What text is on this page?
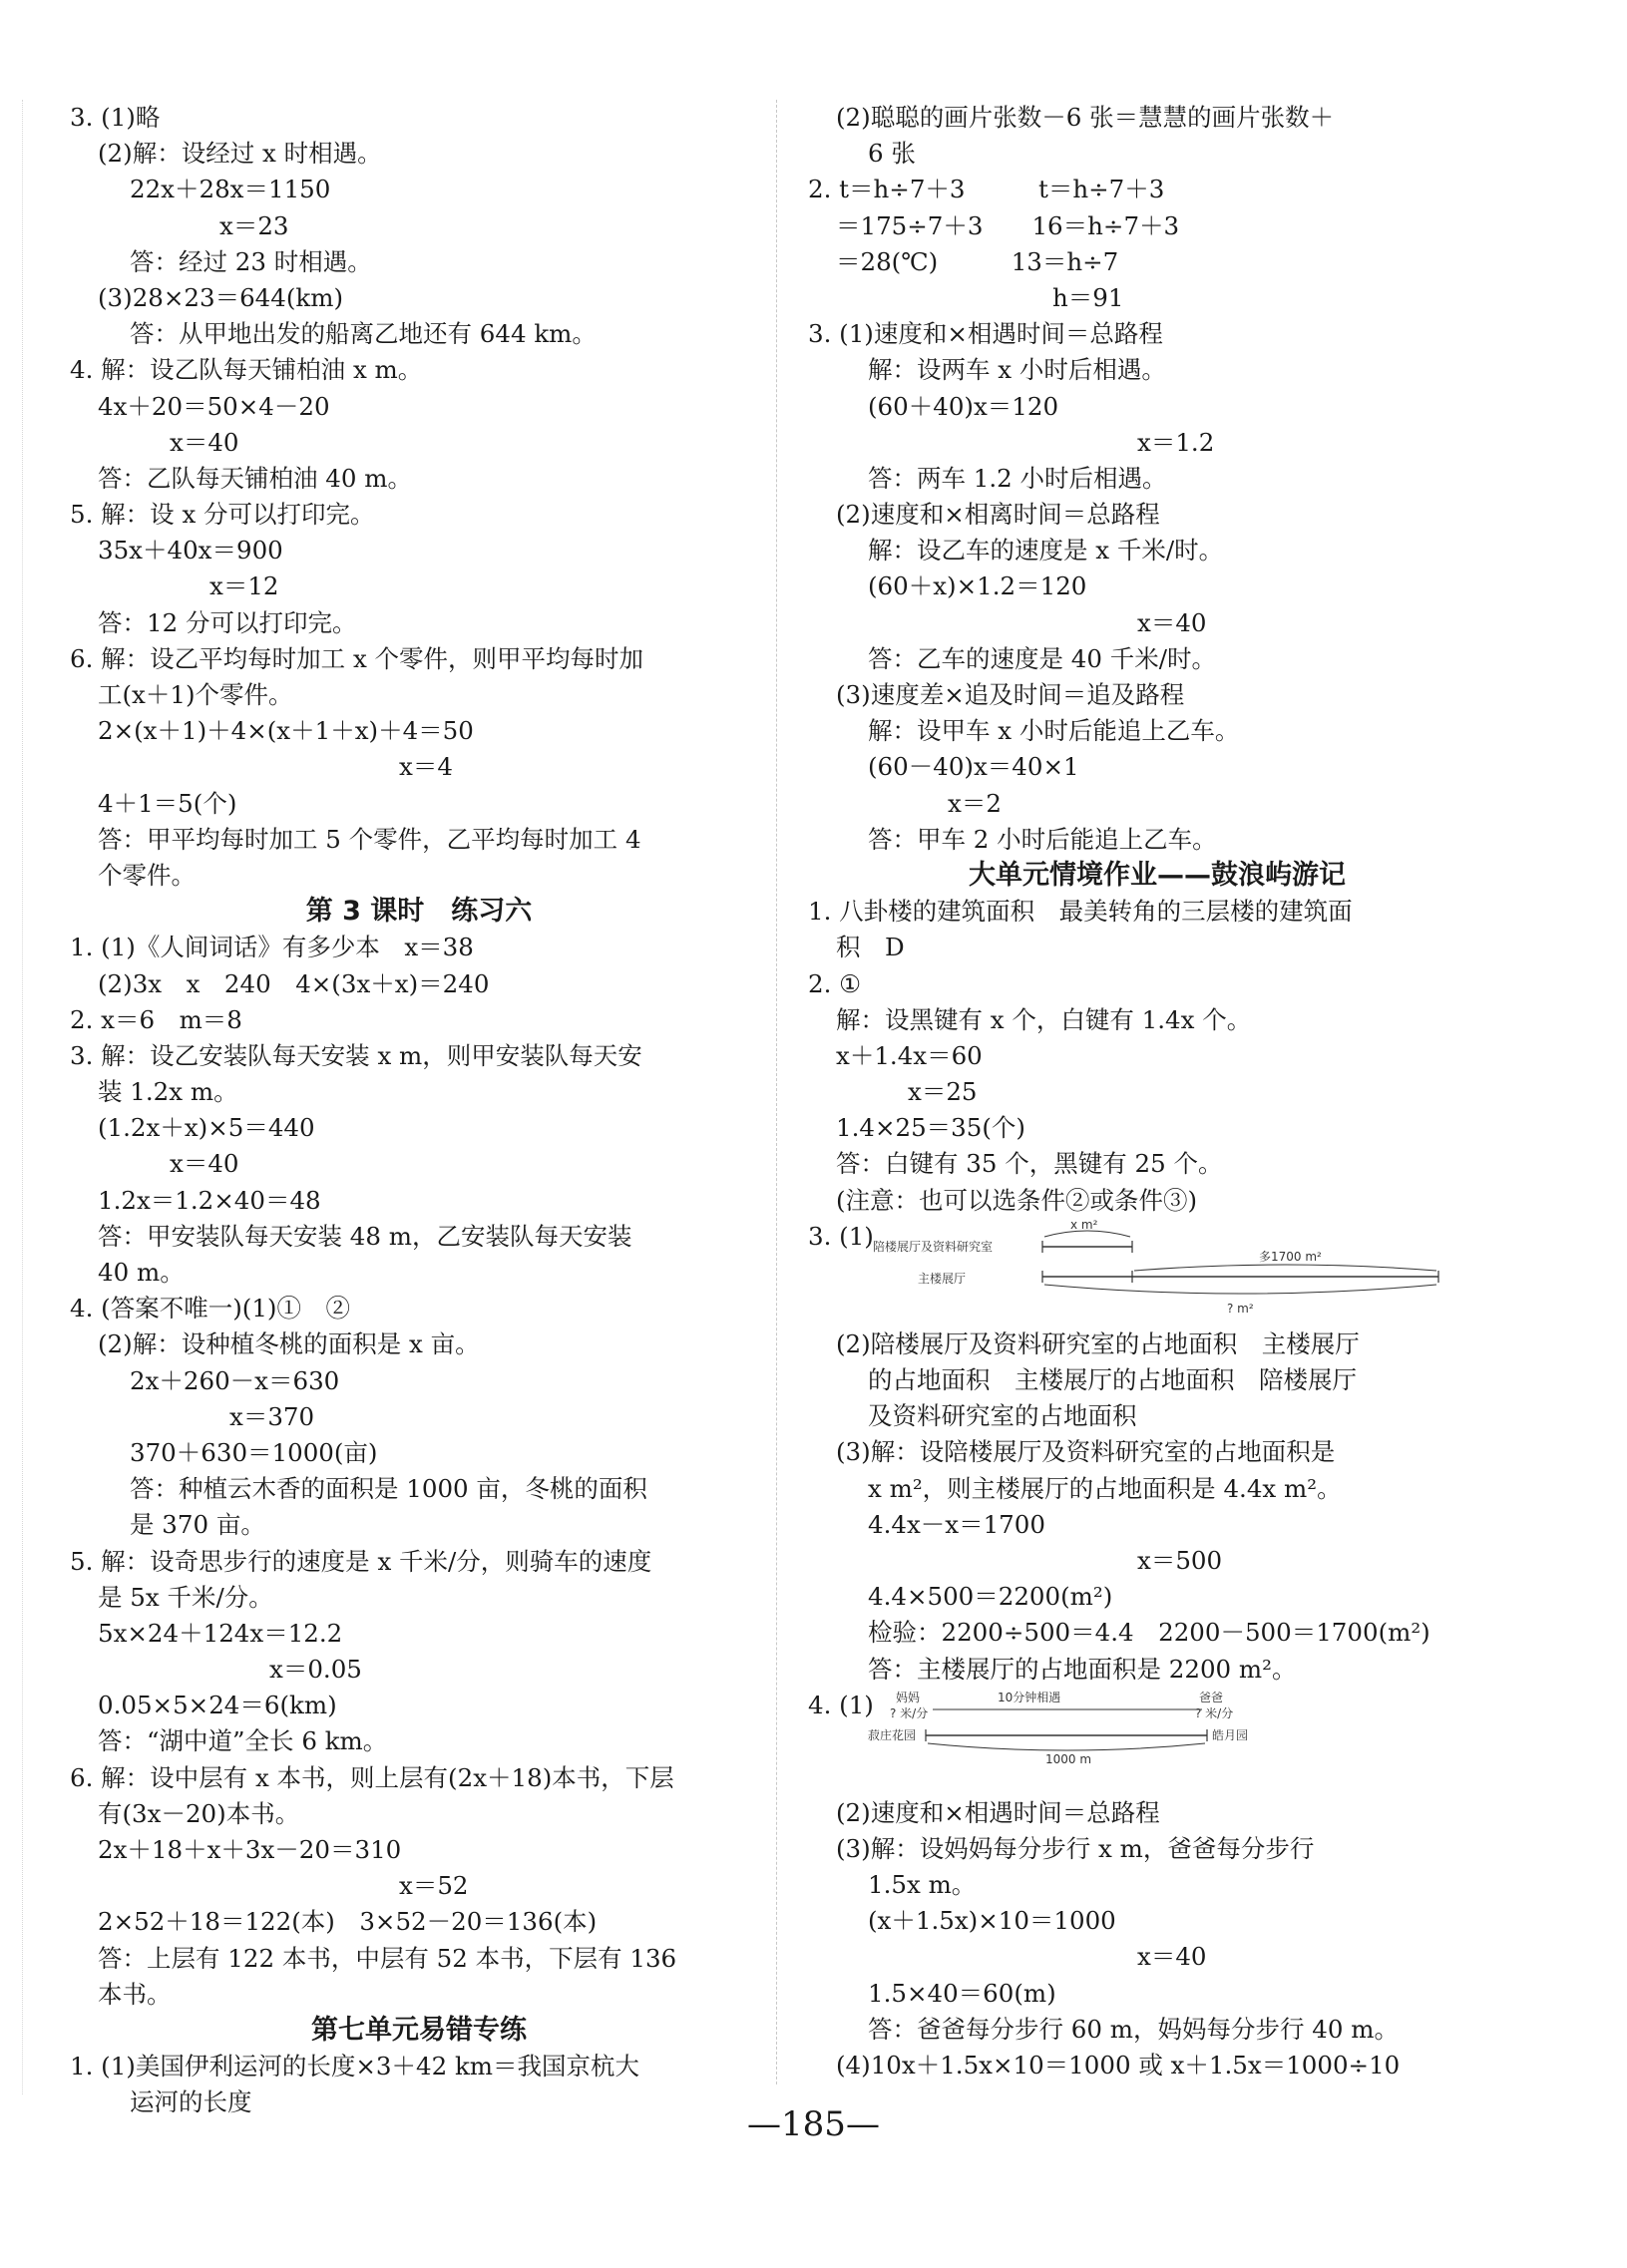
3. (1)略
(2)解：设经过 x 时相遇。
22x＋28x＝1150
x＝23
答：经过 23 时相遇。
(3)28×23＝644(km)
答：从甲地出发的船离乙地还有 644 km。
4. 解：设乙队每天铺柏油 x m。
4x＋20＝50×4－20
x＝40
答：乙队每天铺柏油 40 m。
5. 解：设 x 分可以打印完。
35x＋40x＝900
x＝12
答：12 分可以打印完。
6. 解：设乙平均每时加工 x 个零件，则甲平均每时加
工(x＋1)个零件。
2×(x＋1)＋4×(x＋1＋x)＋4＝50
x＝4
4＋1＝5(个)
答：甲平均每时加工 5 个零件，乙平均每时加工 4
个零件。
第 3 课时　练习六
1. (1)《人间词话》有多少本　x＝38
(2)3x　x　240　4×(3x＋x)＝240
2. x＝6　m＝8
3. 解：设乙安装队每天安装 x m，则甲安装队每天安
装 1.2x m。
(1.2x＋x)×5＝440
x＝40
1.2x＝1.2×40＝48
答：甲安装队每天安装 48 m，乙安装队每天安装
40 m。
4. (答案不唯一)(1)①　②
(2)解：设种植冬桃的面积是 x 亩。
2x＋260－x＝630
x＝370
370＋630＝1000(亩)
答：种植云木香的面积是 1000 亩，冬桃的面积
是 370 亩。
5. 解：设奇思步行的速度是 x 千米/分，则骑车的速度
是 5x 千米/分。
5x×24＋124x＝12.2
x＝0.05
0.05×5×24＝6(km)
答：“湖中道”全长 6 km。
6. 解：设中层有 x 本书，则上层有(2x＋18)本书，下层
有(3x－20)本书。
2x＋18＋x＋3x－20＝310
x＝52
2×52＋18＝122(本)　3×52－20＝136(本)
答：上层有 122 本书，中层有 52 本书，下层有 136
本书。
第七单元易错专练
1. (1)美国伊利运河的长度×3＋42 km＝我国京杭大
运河的长度
(2)聪聪的画片张数－6 张＝慧慧的画片张数＋
6 张
2. t＝h÷7＋3　　　t＝h÷7＋3
＝175÷7＋3　　16＝h÷7＋3
＝28(℃)　　　13＝h÷7
h＝91
3. (1)速度和×相遇时间＝总路程
解：设两车 x 小时后相遇。
(60＋40)x＝120
x＝1.2
答：两车 1.2 小时后相遇。
(2)速度和×相离时间＝总路程
解：设乙车的速度是 x 千米/时。
(60＋x)×1.2＝120
x＝40
答：乙车的速度是 40 千米/时。
(3)速度差×追及时间＝追及路程
解：设甲车 x 小时后能追上乙车。
(60－40)x＝40×1
x＝2
答：甲车 2 小时后能追上乙车。
大单元情境作业——鼓浪屿游记
1. 八卦楼的建筑面积　最美转角的三层楼的建筑面
积　D
2. ①
解：设黑键有 x 个，白键有 1.4x 个。
x＋1.4x＝60
x＝25
1.4×25＝35(个)
答：白键有 35 个，黑键有 25 个。
(注意：也可以选条件②或条件③)
3. (1) 陪楼展厅及资料研究室
主楼展厅
x m²
多1700 m²
? m²
(2)陪楼展厅及资料研究室的占地面积　主楼展厅
的占地面积　主楼展厅的占地面积　陪楼展厅
及资料研究室的占地面积
(3)解：设陪楼展厅及资料研究室的占地面积是
x m²，则主楼展厅的占地面积是 4.4x m²。
4.4x－x＝1700
x＝500
4.4×500＝2200(m²)
检验：2200÷500＝4.4　2200－500＝1700(m²)
答：主楼展厅的占地面积是 2200 m²。
4. (1) 妈妈
? 米/分
10分钟相遇	爸爸
? 米/分
菽庄花园	皓月园
1000 m
(2)速度和×相遇时间＝总路程
(3)解：设妈妈每分步行 x m，爸爸每分步行
1.5x m。
(x＋1.5x)×10＝1000
x＝40
1.5×40＝60(m)
答：爸爸每分步行 60 m，妈妈每分步行 40 m。
(4)10x＋1.5x×10＝1000 或 x＋1.5x＝1000÷10
—185—
